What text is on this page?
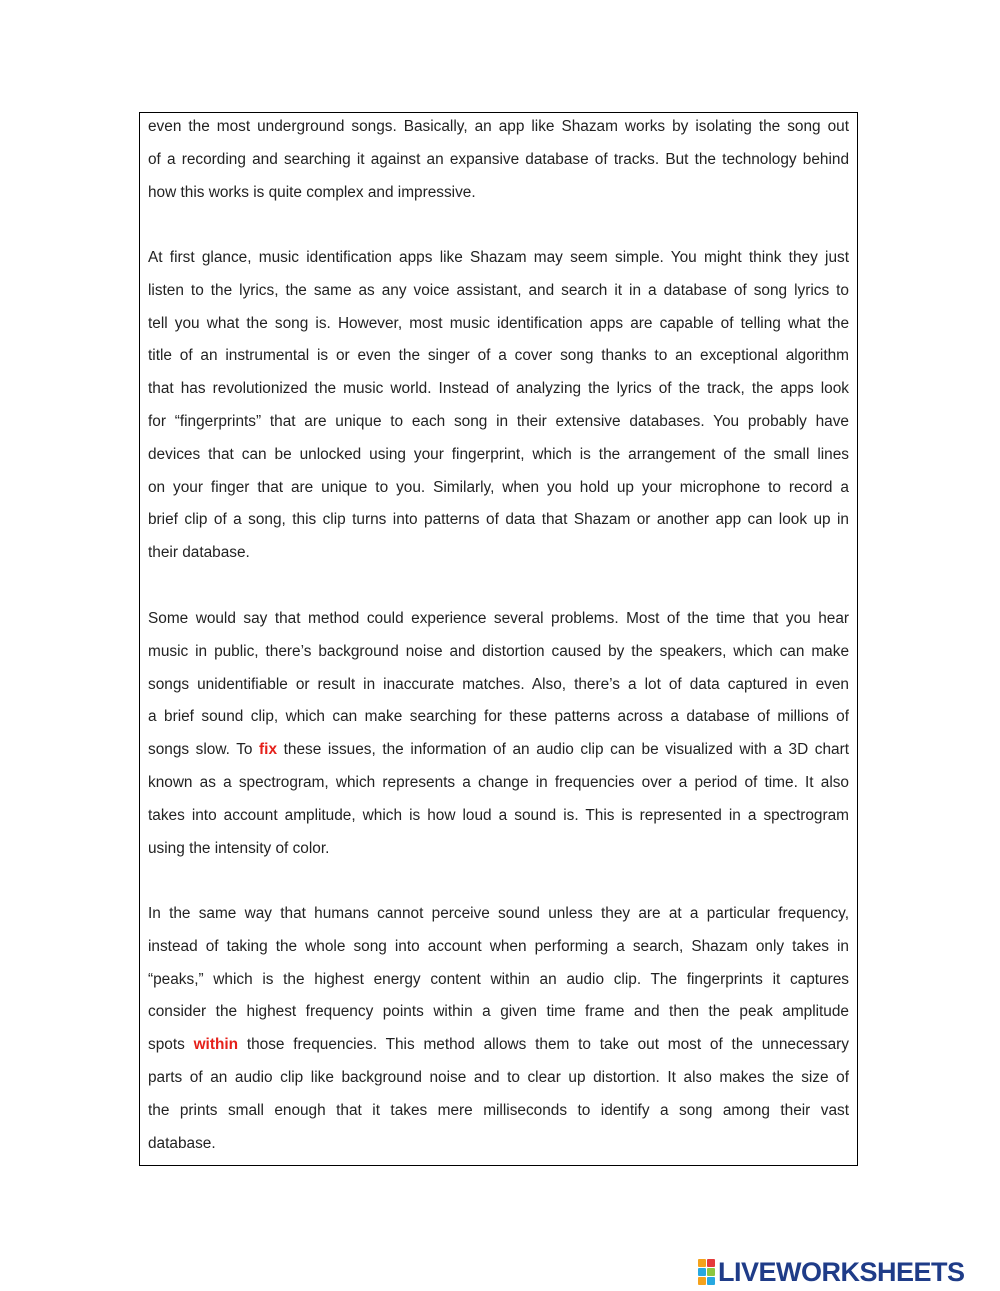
even the most underground songs. Basically, an app like Shazam works by isolating the song out
of a recording and searching it against an expansive database of tracks. But the technology behind
how this works is quite complex and impressive.

At first glance, music identification apps like Shazam may seem simple. You might think they just
listen to the lyrics, the same as any voice assistant, and search it in a database of song lyrics to
tell you what the song is. However, most music identification apps are capable of telling what the
title of an instrumental is or even the singer of a cover song thanks to an exceptional algorithm
that has revolutionized the music world. Instead of analyzing the lyrics of the track, the apps look
for “fingerprints” that are unique to each song in their extensive databases. You probably have
devices that can be unlocked using your fingerprint, which is the arrangement of the small lines
on your finger that are unique to you. Similarly, when you hold up your microphone to record a
brief clip of a song, this clip turns into patterns of data that Shazam or another app can look up in
their database.

Some would say that method could experience several problems. Most of the time that you hear
music in public, there’s background noise and distortion caused by the speakers, which can make
songs unidentifiable or result in inaccurate matches. Also, there’s a lot of data captured in even
a brief sound clip, which can make searching for these patterns across a database of millions of
songs slow. To fix these issues, the information of an audio clip can be visualized with a 3D chart
known as a spectrogram, which represents a change in frequencies over a period of time. It also
takes into account amplitude, which is how loud a sound is. This is represented in a spectrogram
using the intensity of color.

In the same way that humans cannot perceive sound unless they are at a particular frequency,
instead of taking the whole song into account when performing a search, Shazam only takes in
“peaks,” which is the highest energy content within an audio clip. The fingerprints it captures
consider the highest frequency points within a given time frame and then the peak amplitude
spots within those frequencies. This method allows them to take out most of the unnecessary
parts of an audio clip like background noise and to clear up distortion. It also makes the size of
the prints small enough that it takes mere milliseconds to identify a song among their vast
database.

LIVEWORKSHEETS
